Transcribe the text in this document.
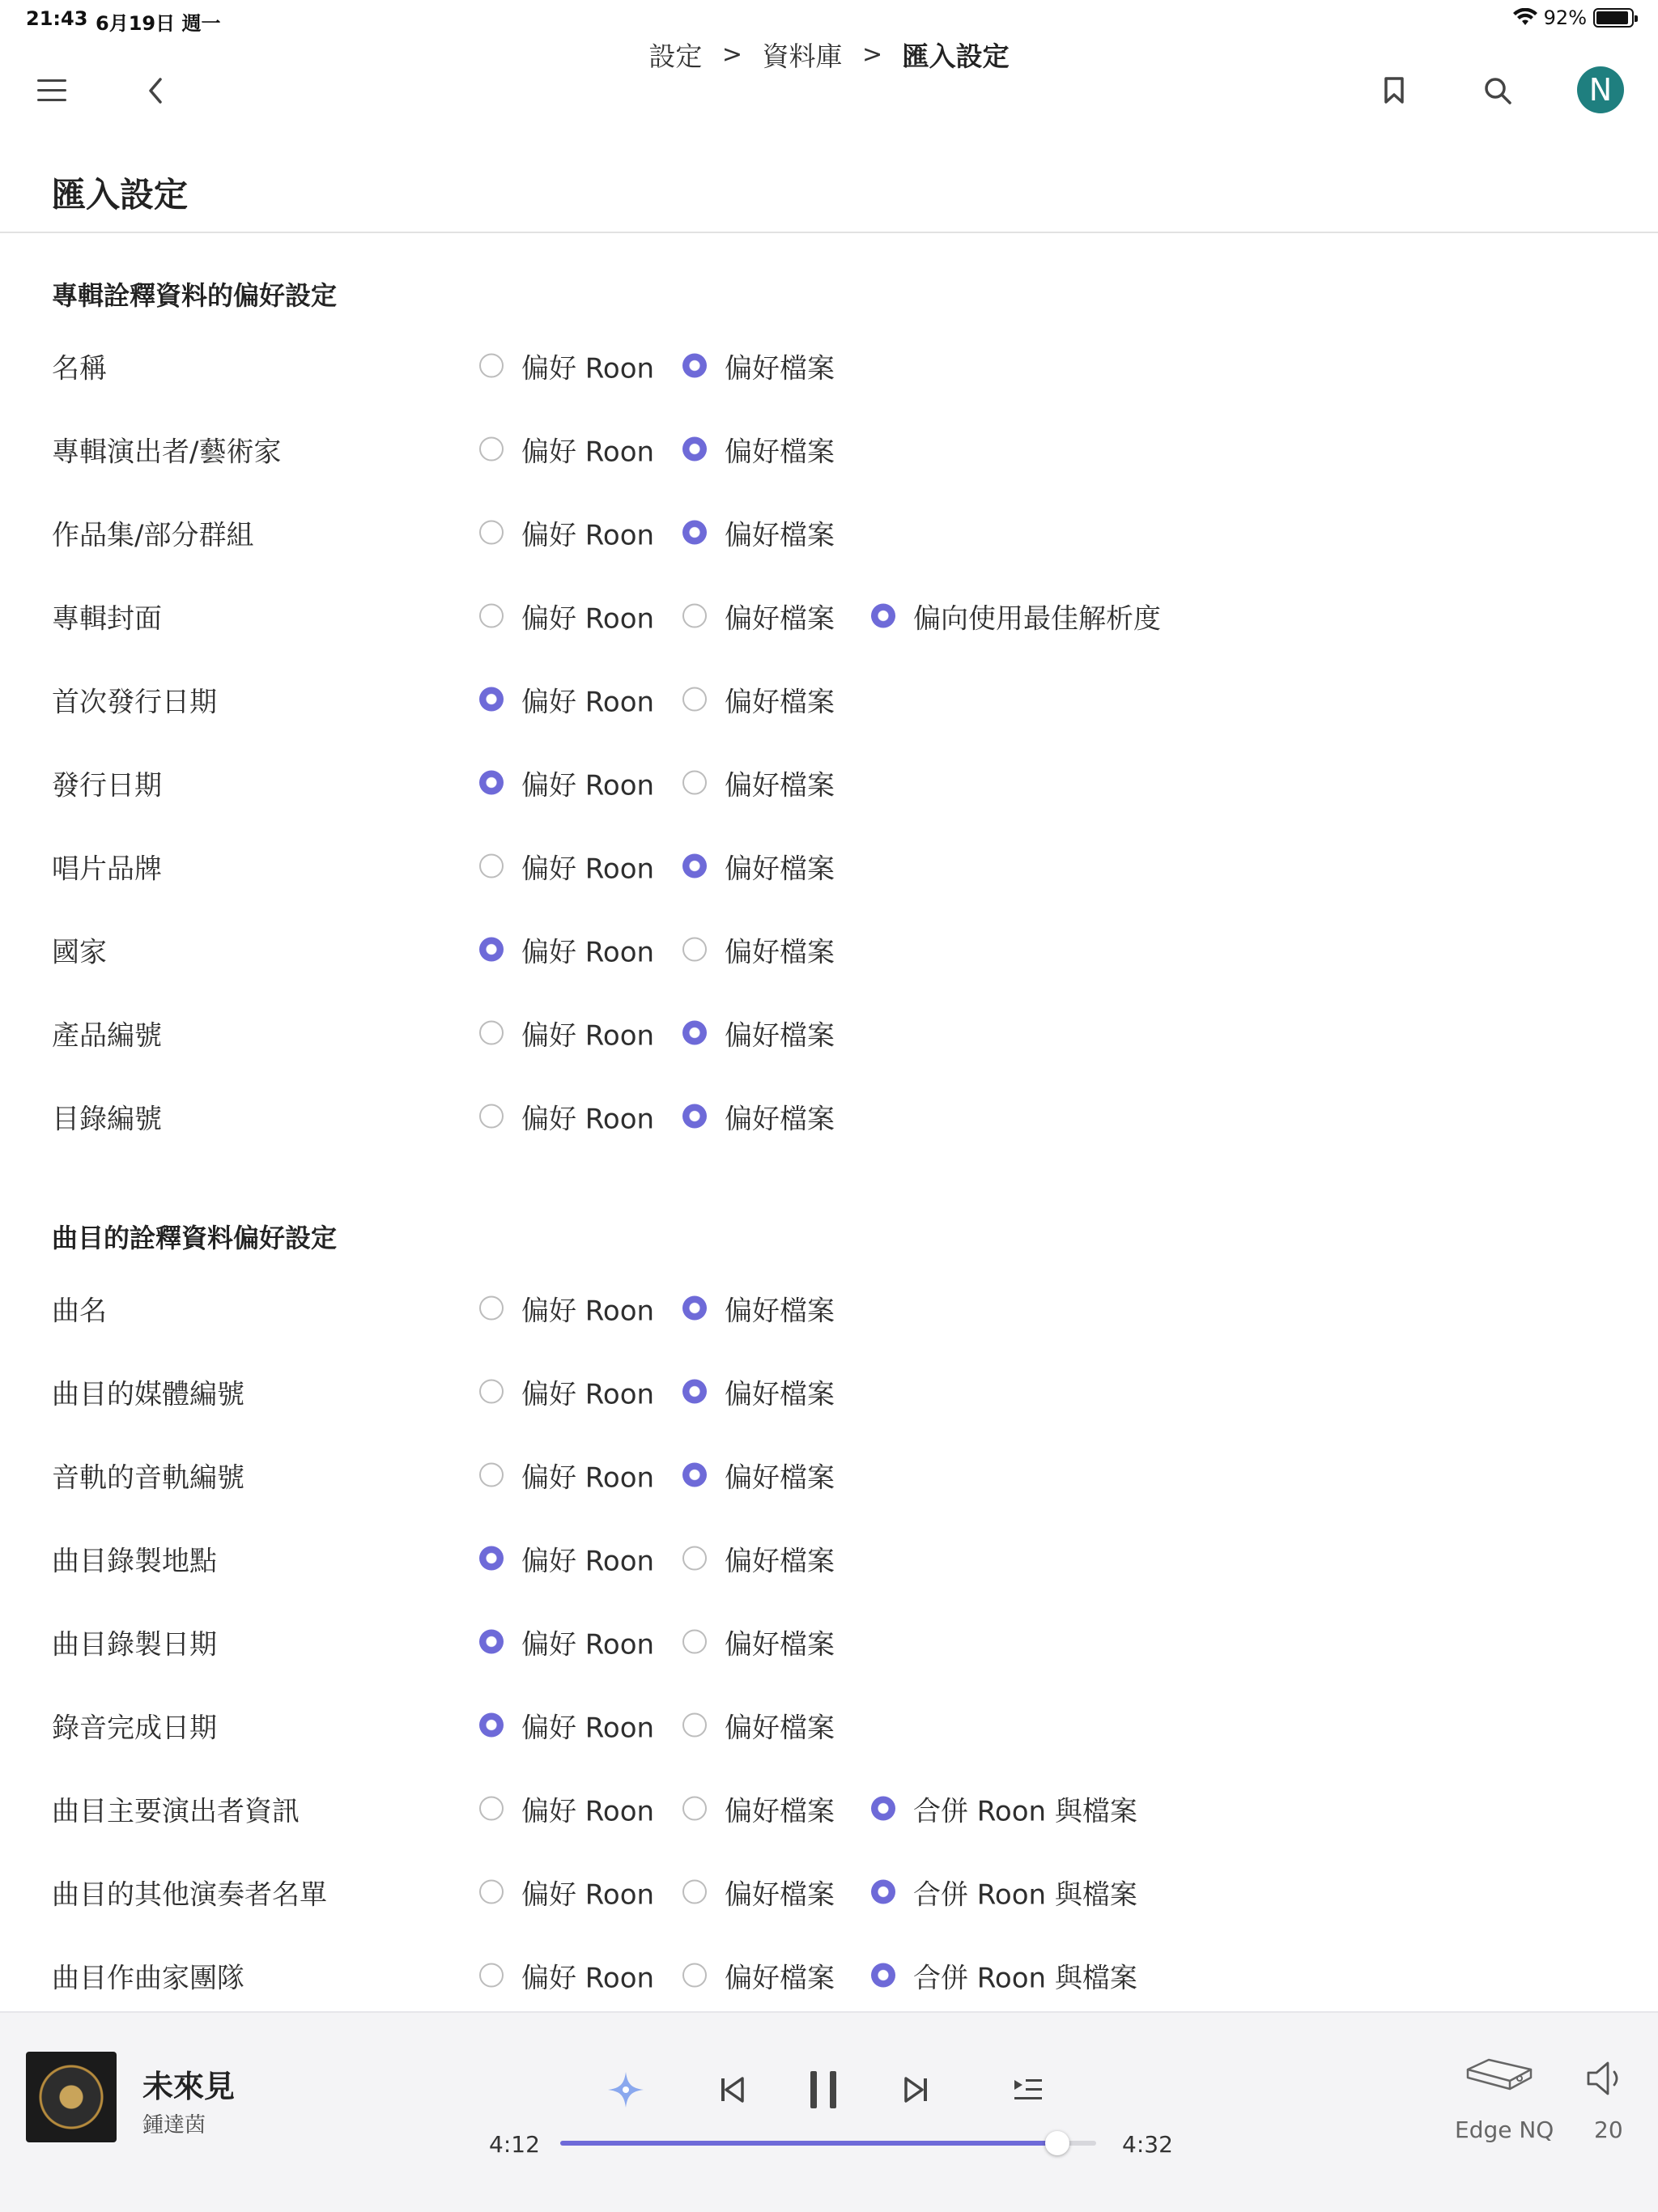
21:43 6月19日 週一	92%
設定 > 資料庫 > 匯入設定
N
匯入設定
專輯詮釋資料的偏好設定
名稱	偏好 Roon	偏好檔案
專輯演出者/藝術家	偏好 Roon	偏好檔案
作品集/部分群組	偏好 Roon	偏好檔案
專輯封面	偏好 Roon	偏好檔案	偏向使用最佳解析度
首次發行日期	偏好 Roon	偏好檔案
發行日期	偏好 Roon	偏好檔案
唱片品牌	偏好 Roon	偏好檔案
國家	偏好 Roon	偏好檔案
產品編號	偏好 Roon	偏好檔案
目錄編號	偏好 Roon	偏好檔案
曲目的詮釋資料偏好設定
曲名	偏好 Roon	偏好檔案
曲目的媒體編號	偏好 Roon	偏好檔案
音軌的音軌編號	偏好 Roon	偏好檔案
曲目錄製地點	偏好 Roon	偏好檔案
曲目錄製日期	偏好 Roon	偏好檔案
錄音完成日期	偏好 Roon	偏好檔案
曲目主要演出者資訊	偏好 Roon	偏好檔案	合併 Roon 與檔案
曲目的其他演奏者名單	偏好 Roon	偏好檔案	合併 Roon 與檔案
曲目作曲家團隊	偏好 Roon	偏好檔案	合併 Roon 與檔案
未來見
鍾達茵
4:12	4:32
Edge NQ 20
